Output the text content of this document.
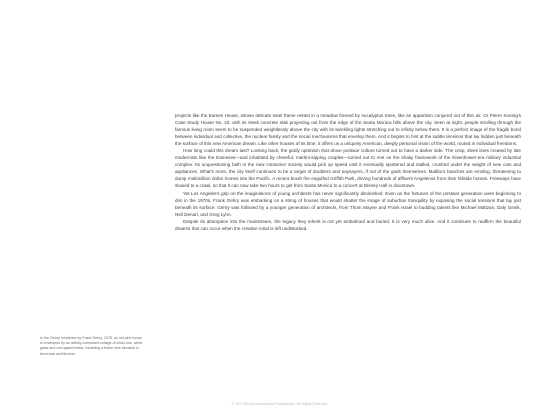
projects like the Eames House, whose delicate steel frame rested in a meadow framed by eucalyptus trees, like an apparition conjured out of thin air. Or Pierre Koenig’s Case Study House No. 22, with its sleek concrete slab projecting out from the edge of the Santa Monica hills above the city. Seen at night, people strolling through the famous living room seem to be suspended weightlessly above the city with its twinkling lights stretching out to infinity below them. It is a perfect image of the fragile bond between individual and collective, the nuclear family and the social mechanisms that envelop them. And it begins to hint at the subtle tensions that lay hidden just beneath the surface of this new American dream. Like other houses of its time, it offers us a uniquely American, deeply personal vision of the world, rooted in individual freedoms.

How long could this dream last? Looking back, the giddy optimism that drove postwar culture turned out to have a darker side. The crisp, sleek lines created by late modernists like the Eameses—and inhabited by cheerful, martini-sipping couples—turned out to rest on the shaky framework of the Eisenhower-era military industrial complex. Its unquestioning faith in the new consumer society would pick up speed until it eventually sputtered and stalled, crushed under the weight of new cars and appliances. What’s more, the city itself continues to be a target of doubters and naysayers, if not of the gods themselves. Malibu’s beaches are eroding, threatening to dump multimillion dollar homes into the Pacific. A recent brush fire engulfed Griffith Park, driving hundreds of affluent Angelenos from their hillside homes. Freeways have slowed to a crawl, so that it can now take two hours to get from Santa Monica to a concert at Disney Hall in downtown.

Yet Los Angeles’s grip on the imaginations of young architects has never significantly diminished. Even as the fortunes of the postwar generation were beginning to dim in the 1970s, Frank Gehry was embarking on a string of houses that would shatter the image of suburban tranquility by exposing the social tensions that lay just beneath its surface. Gehry was followed by a younger generation of architects, from Thom Mayne and Frank Israel to budding talents like Michael Maltzan, Daly Genik, Neil Denari, and Greg Lynn.

Despite its absorption into the mainstream, the legacy they inherit is not yet embalmed and buried. It is very much alive. And it continues to reaffirm the beautiful dreams that can occur when the creative mind is left undisturbed.

In the Gehry residence by Frank Gehry, 1978, an old pink house is enveloped by an artfully composed collage of chain-link, wired glass and corrugated metal, heralding a brave new direction in American architecture.
© 2012 Rizzoli International Publications. All Rights Reserved.
